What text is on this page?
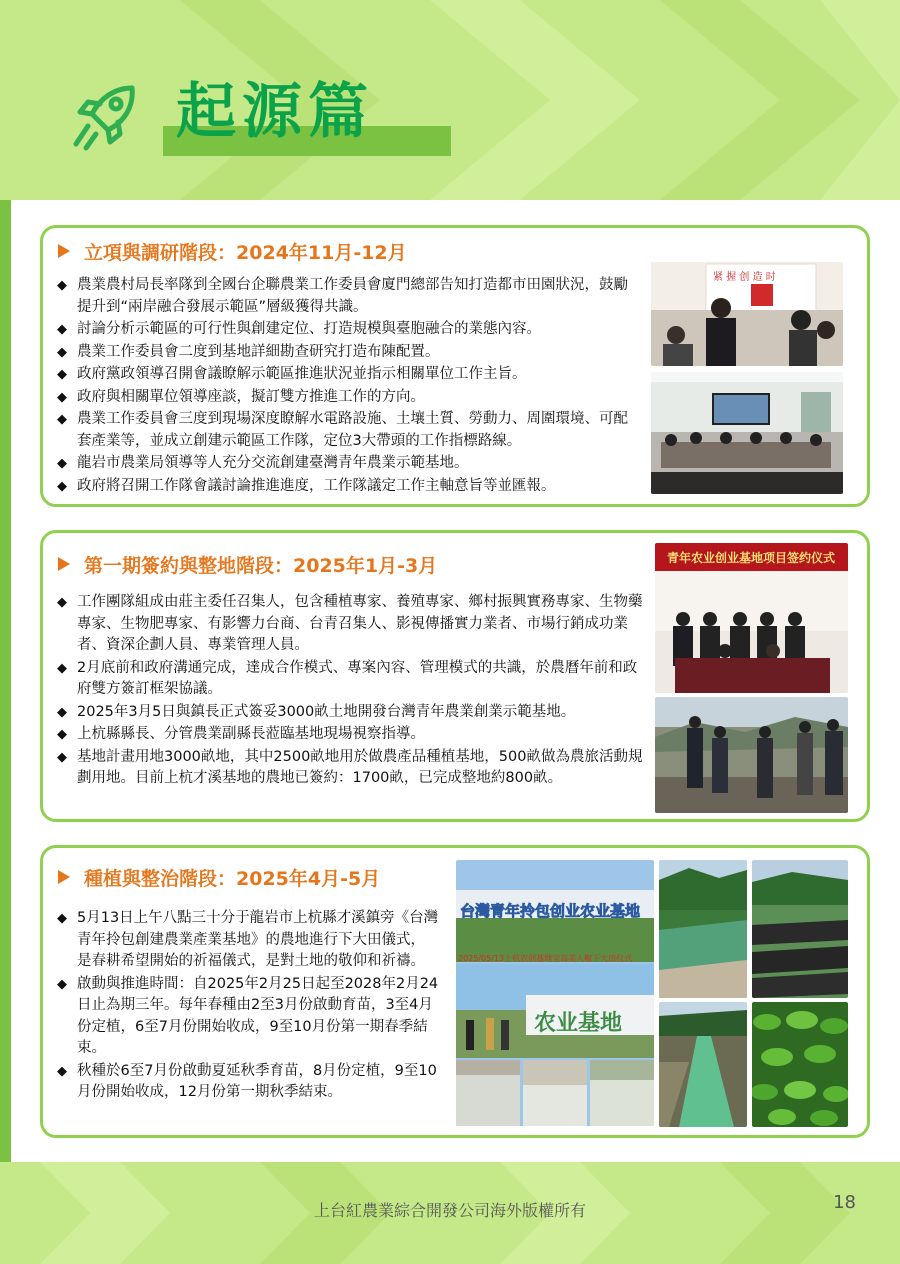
起源篇
立項與調研階段：2024年11月-12月
◆ 農業農村局長率隊到全國台企聯農業工作委員會廈門總部告知打造都市田園狀況，鼓勵提升到“兩岸融合發展示範區”層級獲得共識。
◆ 討論分析示範區的可行性與創建定位、打造規模與臺胞融合的業態內容。
◆ 農業工作委員會二度到基地詳細勘查研究打造布陳配置。
◆ 政府黨政領導召開會議瞭解示範區推進狀況並指示相關單位工作主旨。
◆ 政府與相關單位領導座談，擬訂雙方推進工作的方向。
◆ 農業工作委員會三度到現場深度瞭解水電路設施、土壤土質、勞動力、周圍環境、可配套產業等，並成立創建示範區工作隊，定位3大帶頭的工作指標路線。
◆ 龍岩市農業局領導等人充分交流創建臺灣青年農業示範基地。
◆ 政府將召開工作隊會議討論推進進度，工作隊議定工作主軸意旨等並匯報。
紧 握 创 造 时
第一期簽約與整地階段：2025年1月-3月
◆ 工作團隊組成由莊主委任召集人，包含種植專家、養殖專家、鄉村振興實務專家、生物藥專家、生物肥專家、有影響力台商、台青召集人、影視傳播實力業者、市場行銷成功業者、資深企劃人員、專業管理人員。
◆ 2月底前和政府溝通完成，達成合作模式、專案內容、管理模式的共識，於農曆年前和政府雙方簽訂框架協議。
◆ 2025年3月5日與鎮長正式簽妥3000畝土地開發台灣青年農業創業示範基地。
◆ 上杭縣縣長、分管農業副縣長蒞臨基地現場視察指導。
◆ 基地計畫用地3000畝地，其中2500畝地用於做農產品種植基地，500畝做為農旅活動規劃用地。目前上杭才溪基地的農地已簽約：1700畝，已完成整地約800畝。
青年农业创业基地项目签约仪式
種植與整治階段：2025年4月-5月
◆ 5月13日上午八點三十分于龍岩市上杭縣才溪鎮旁《台灣青年拎包創建農業產業基地》的農地進行下大田儀式，是春耕希望開始的祈福儀式，是對土地的敬仰和祈禱。
◆ 啟動與推進時間：自2025年2月25日起至2028年2月24日止為期三年。每年春種由2至3月份啟動育苗，3至4月份定植，6至7月份開始收成，9至10月份第一期春季結束。
◆ 秋種於6至7月份啟動夏延秋季育苗，8月份定植，9至10月份開始收成，12月份第一期秋季結束。
台灣青年拎包创业农业基地
2025/05/13上杭农创基地宝岛美人椒下大田仪式
农业基地
上台紅農業綜合開發公司海外版權所有	18
